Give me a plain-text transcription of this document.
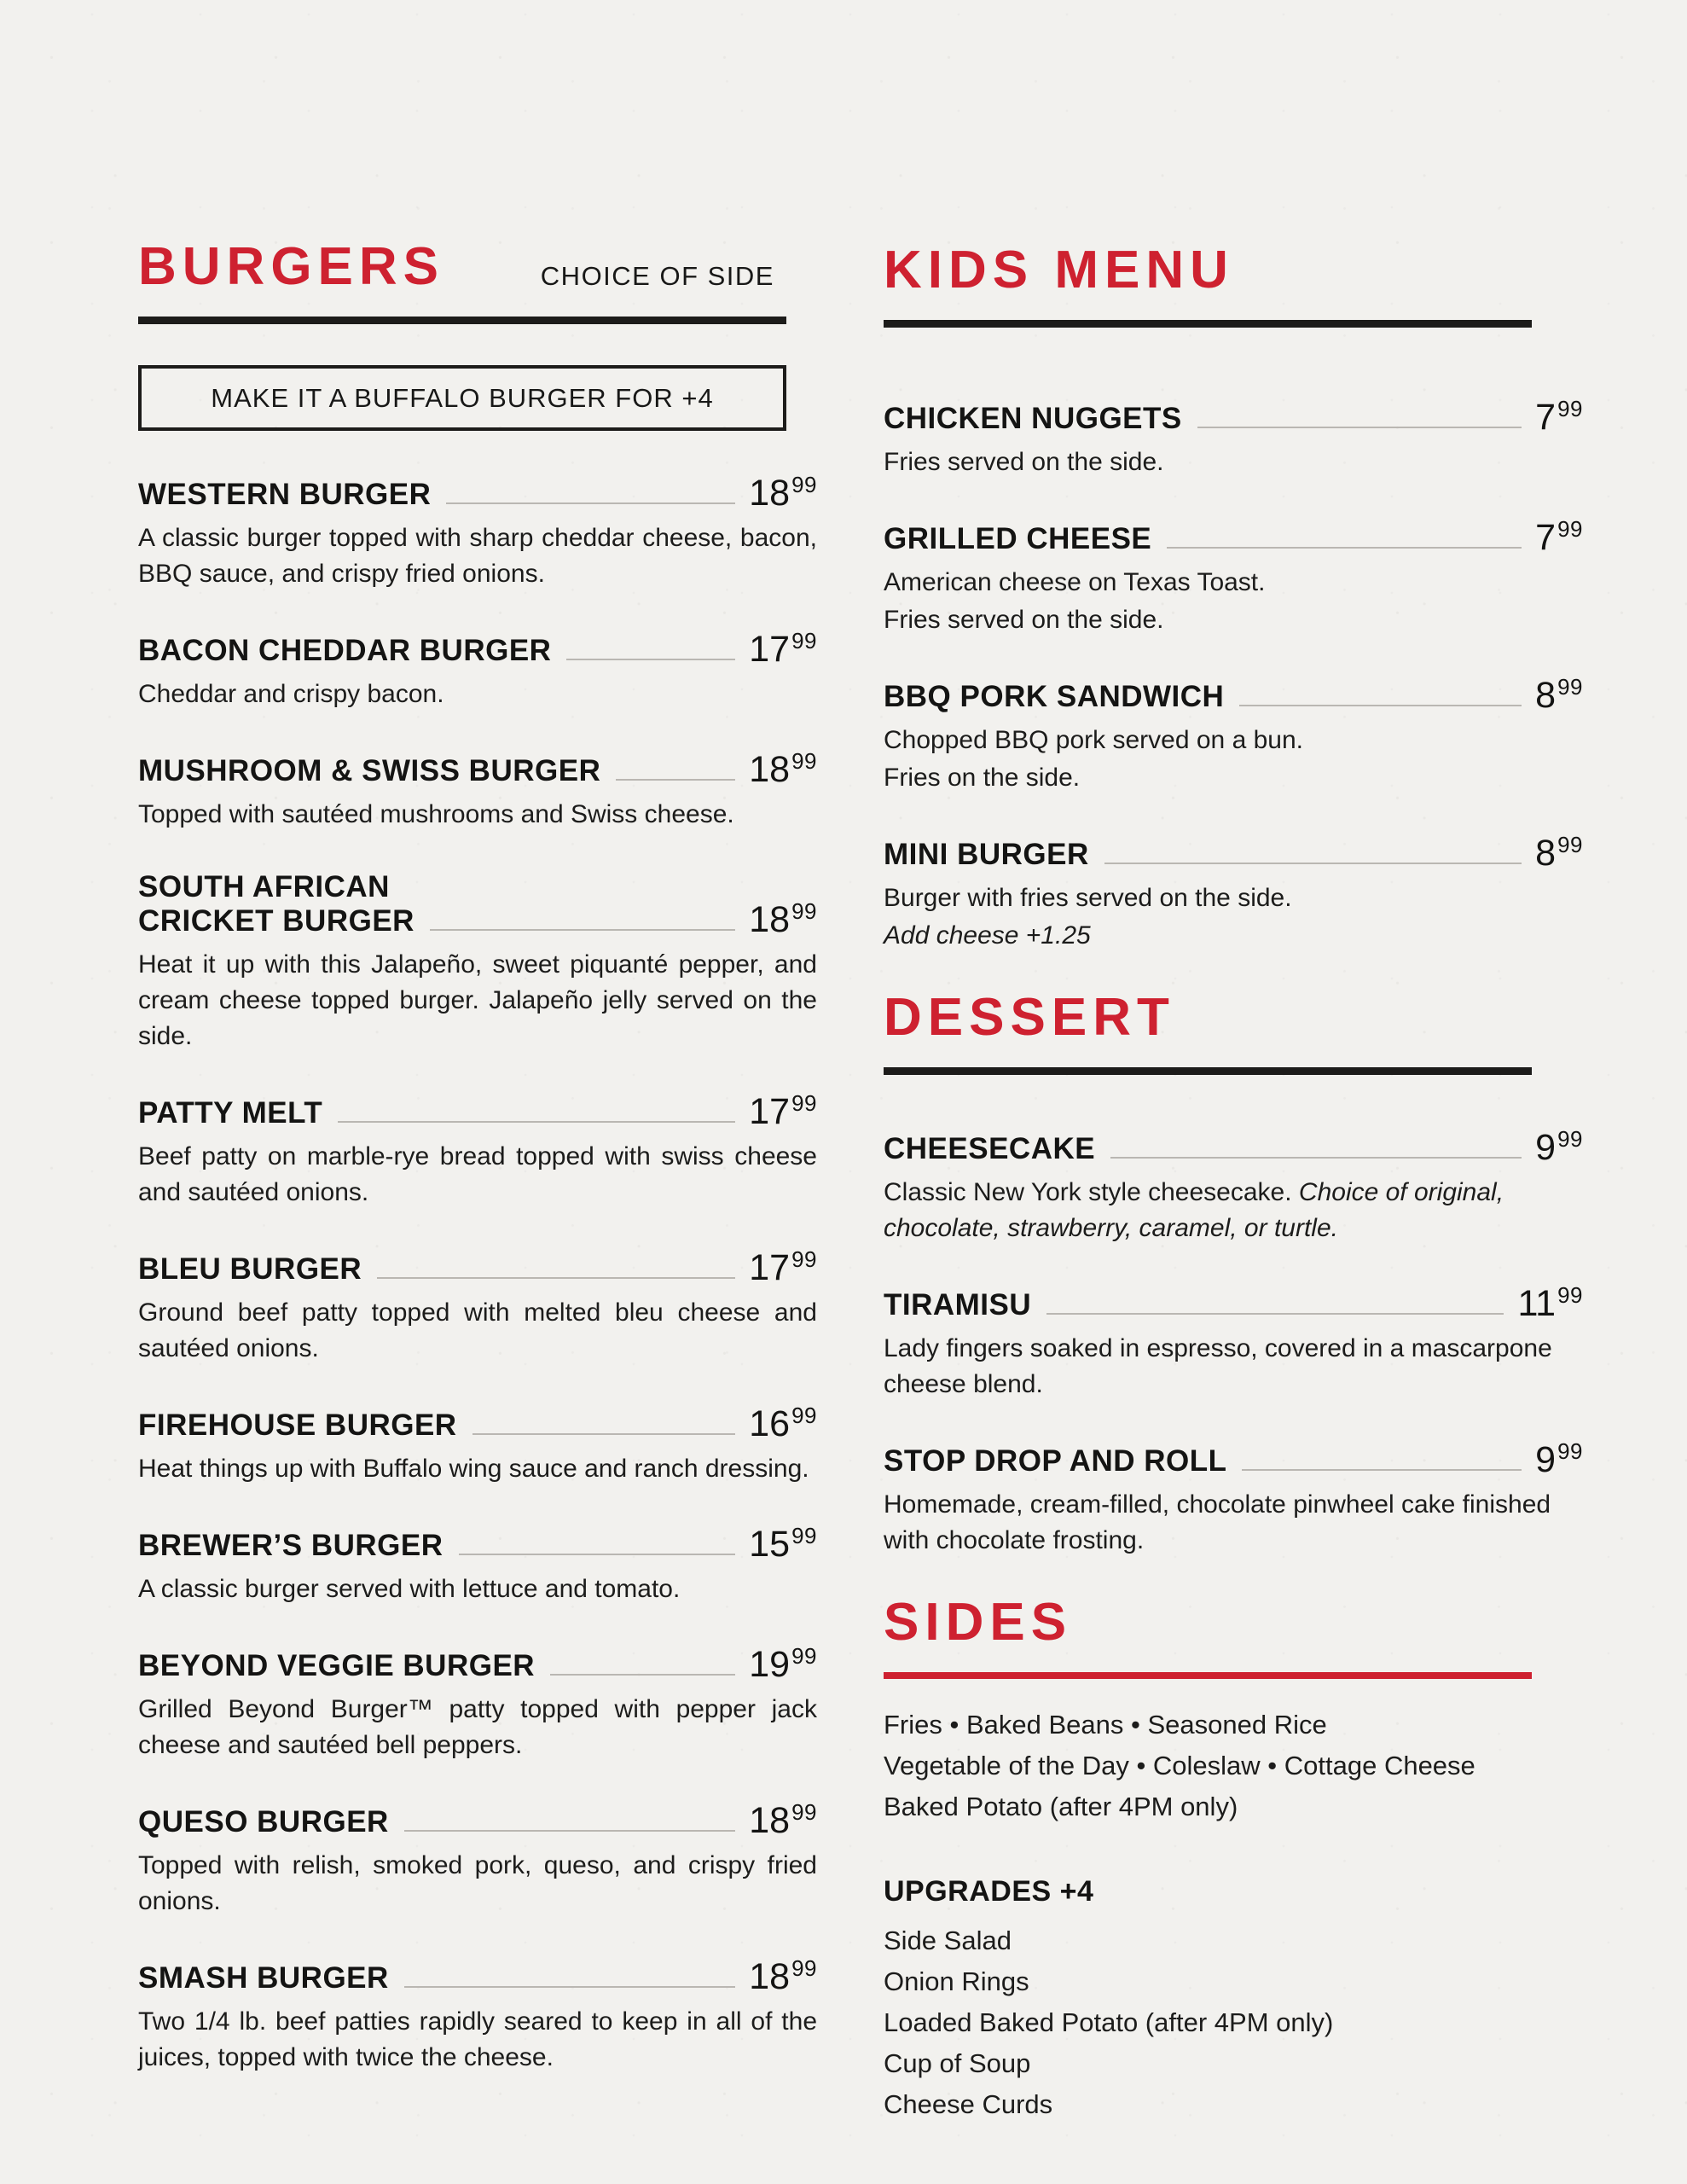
BURGERS	CHOICE OF SIDE
MAKE IT A BUFFALO BURGER FOR +4
WESTERN BURGER	$18^{99}$
A classic burger topped with sharp cheddar cheese, bacon, BBQ sauce, and crispy fried onions.
BACON CHEDDAR BURGER	$17^{99}$
Cheddar and crispy bacon.
MUSHROOM & SWISS BURGER	$18^{99}$
Topped with sautéed mushrooms and Swiss cheese.
SOUTH AFRICAN
CRICKET BURGER	$18^{99}$
Heat it up with this Jalapeño, sweet piquanté pepper, and cream cheese topped burger. Jalapeño jelly served on the side.
PATTY MELT	$17^{99}$
Beef patty on marble-rye bread topped with swiss cheese and sautéed onions.
BLEU BURGER	$17^{99}$
Ground beef patty topped with melted bleu cheese and sautéed onions.
FIREHOUSE BURGER	$16^{99}$
Heat things up with Buffalo wing sauce and ranch dressing.
BREWER’S BURGER	$15^{99}$
A classic burger served with lettuce and tomato.
BEYOND VEGGIE BURGER	$19^{99}$
Grilled Beyond Burger™ patty topped with pepper jack cheese and sautéed bell peppers.
QUESO BURGER	$18^{99}$
Topped with relish, smoked pork, queso, and crispy fried onions.
SMASH BURGER	$18^{99}$
Two 1/4 lb. beef patties rapidly seared to keep in all of the juices, topped with twice the cheese.
KIDS MENU
CHICKEN NUGGETS	$7^{99}$
Fries served on the side.
GRILLED CHEESE	$7^{99}$
American cheese on Texas Toast.
Fries served on the side.
BBQ PORK SANDWICH	$8^{99}$
Chopped BBQ pork served on a bun.
Fries on the side.
MINI BURGER	$8^{99}$
Burger with fries served on the side.
Add cheese +1.25
DESSERT
CHEESECAKE	$9^{99}$
Classic New York style cheesecake. Choice of original, chocolate, strawberry, caramel, or turtle.
TIRAMISU	$11^{99}$
Lady fingers soaked in espresso, covered in a mascarpone cheese blend.
STOP DROP AND ROLL	$9^{99}$
Homemade, cream-filled, chocolate pinwheel cake finished with chocolate frosting.
SIDES
Fries • Baked Beans • Seasoned Rice
Vegetable of the Day • Coleslaw • Cottage Cheese
Baked Potato (after 4PM only)
UPGRADES +4
Side Salad
Onion Rings
Loaded Baked Potato (after 4PM only)
Cup of Soup
Cheese Curds
